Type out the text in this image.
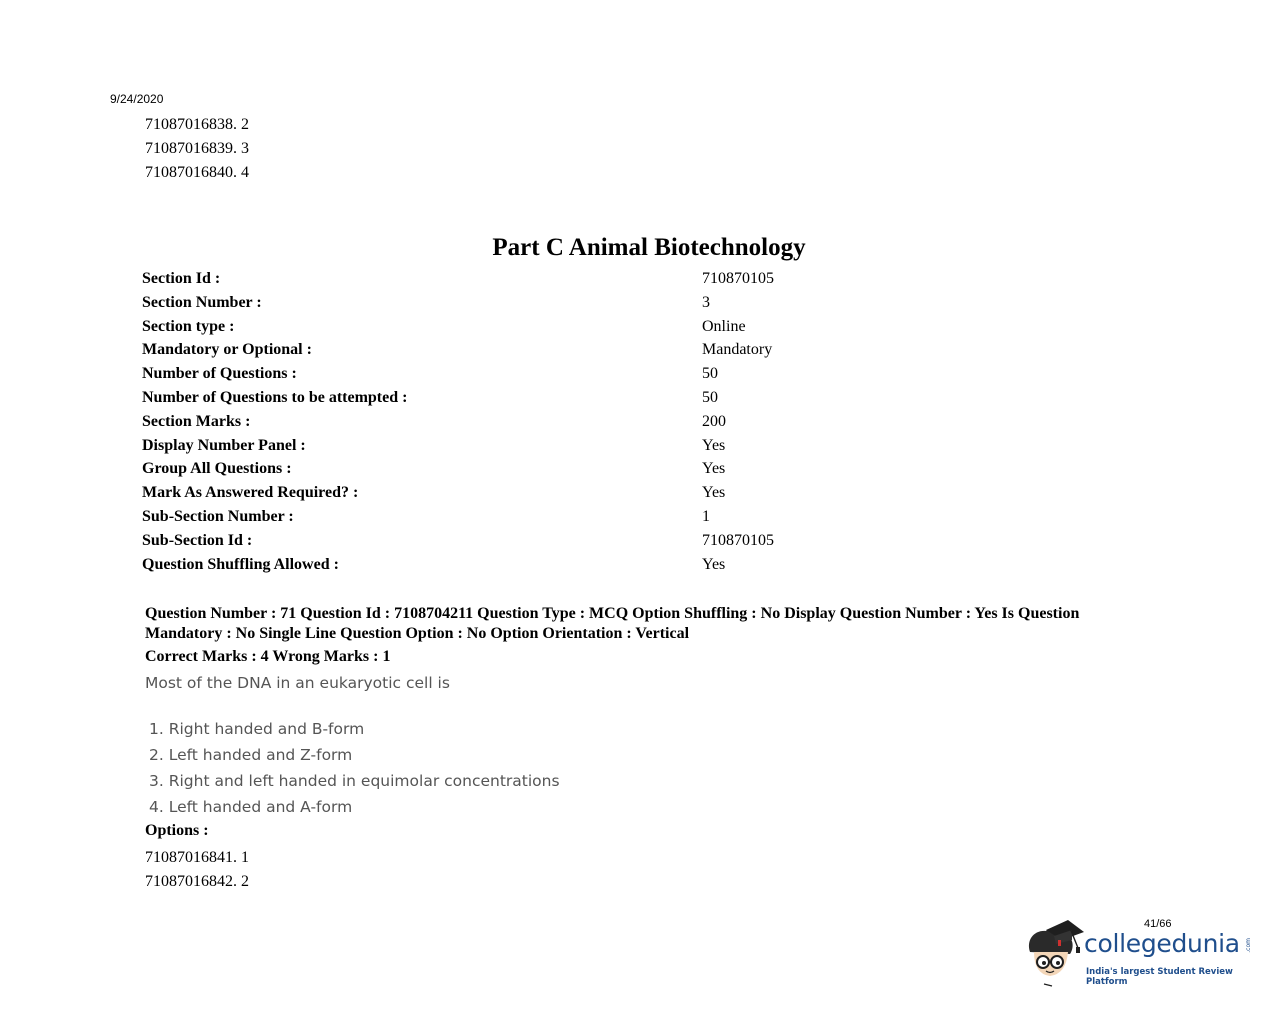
9/24/2020
71087016838. 2
71087016839. 3
71087016840. 4
Part C Animal Biotechnology
Section Id :	710870105
Section Number :	3
Section type :	Online
Mandatory or Optional :	Mandatory
Number of Questions :	50
Number of Questions to be attempted :	50
Section Marks :	200
Display Number Panel :	Yes
Group All Questions :	Yes
Mark As Answered Required? :	Yes
Sub-Section Number :	1
Sub-Section Id :	710870105
Question Shuffling Allowed :	Yes
Question Number : 71 Question Id : 7108704211 Question Type : MCQ Option Shuffling : No Display Question Number : Yes Is Question Mandatory : No Single Line Question Option : No Option Orientation : Vertical
Correct Marks : 4 Wrong Marks : 1
Most of the DNA in an eukaryotic cell is
1. Right handed and B-form
2. Left handed and Z-form
3. Right and left handed in equimolar concentrations
4. Left handed and A-form
Options :
71087016841. 1
71087016842. 2
41/66
collegedunia .com
India's largest Student Review Platform
